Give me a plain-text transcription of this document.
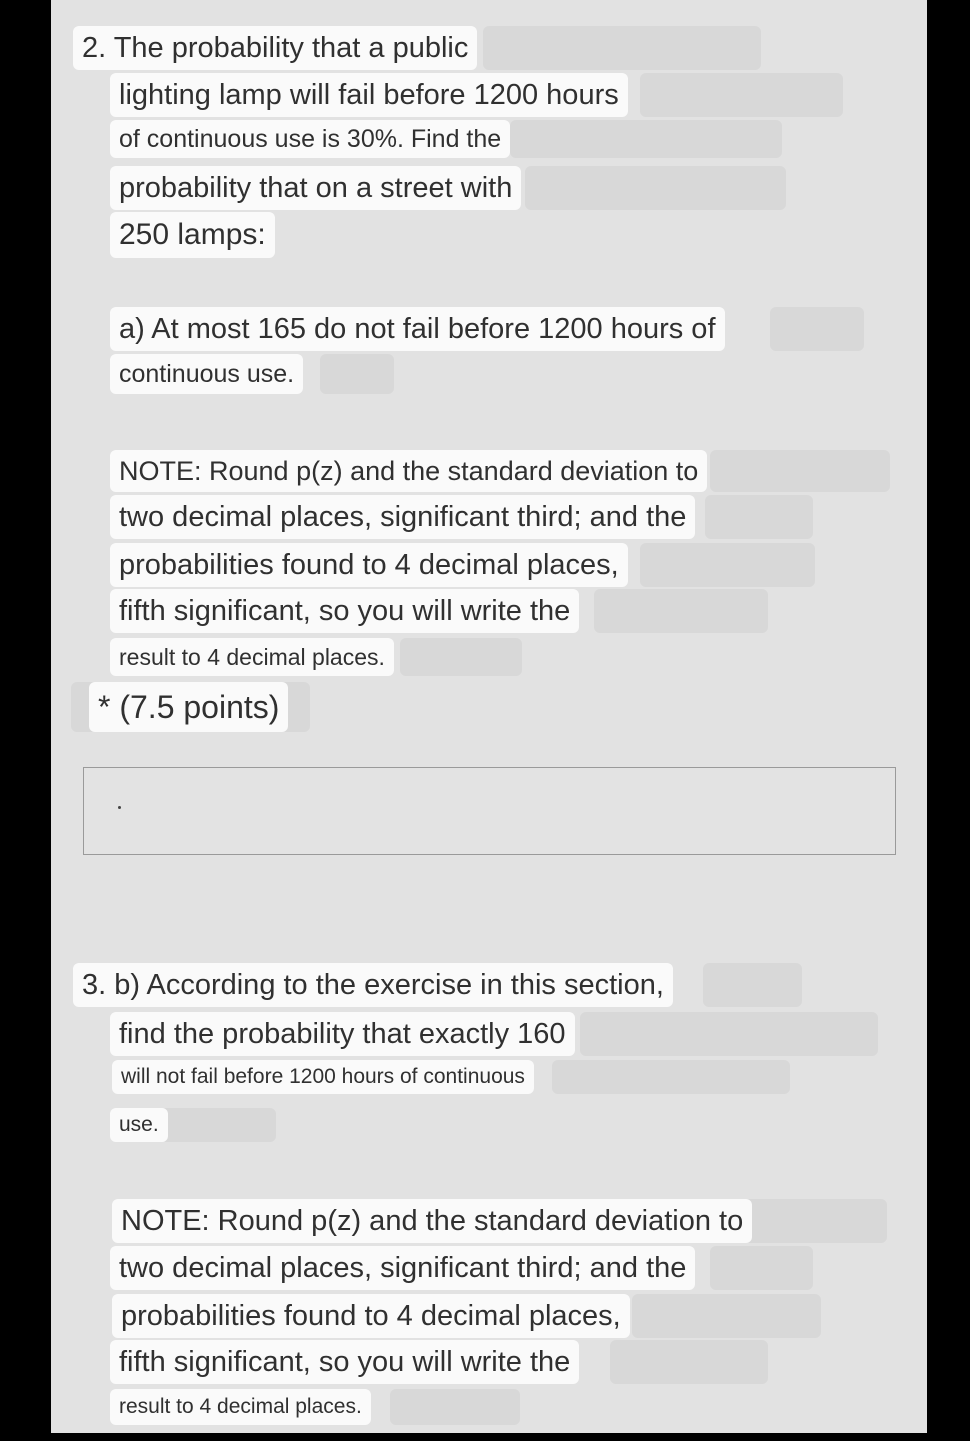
2. The probability that a public
lighting lamp will fail before 1200 hours
of continuous use is 30%. Find the
probability that on a street with
250 lamps:
a) At most 165 do not fail before 1200 hours of
continuous use.
NOTE: Round p(z) and the standard deviation to
two decimal places, significant third; and the
probabilities found to 4 decimal places,
fifth significant, so you will write the
result to 4 decimal places.
* (7.5 points)
3. b) According to the exercise in this section,
find the probability that exactly 160
will not fail before 1200 hours of continuous
use.
NOTE: Round p(z) and the standard deviation to
two decimal places, significant third; and the
probabilities found to 4 decimal places,
fifth significant, so you will write the
result to 4 decimal places.
